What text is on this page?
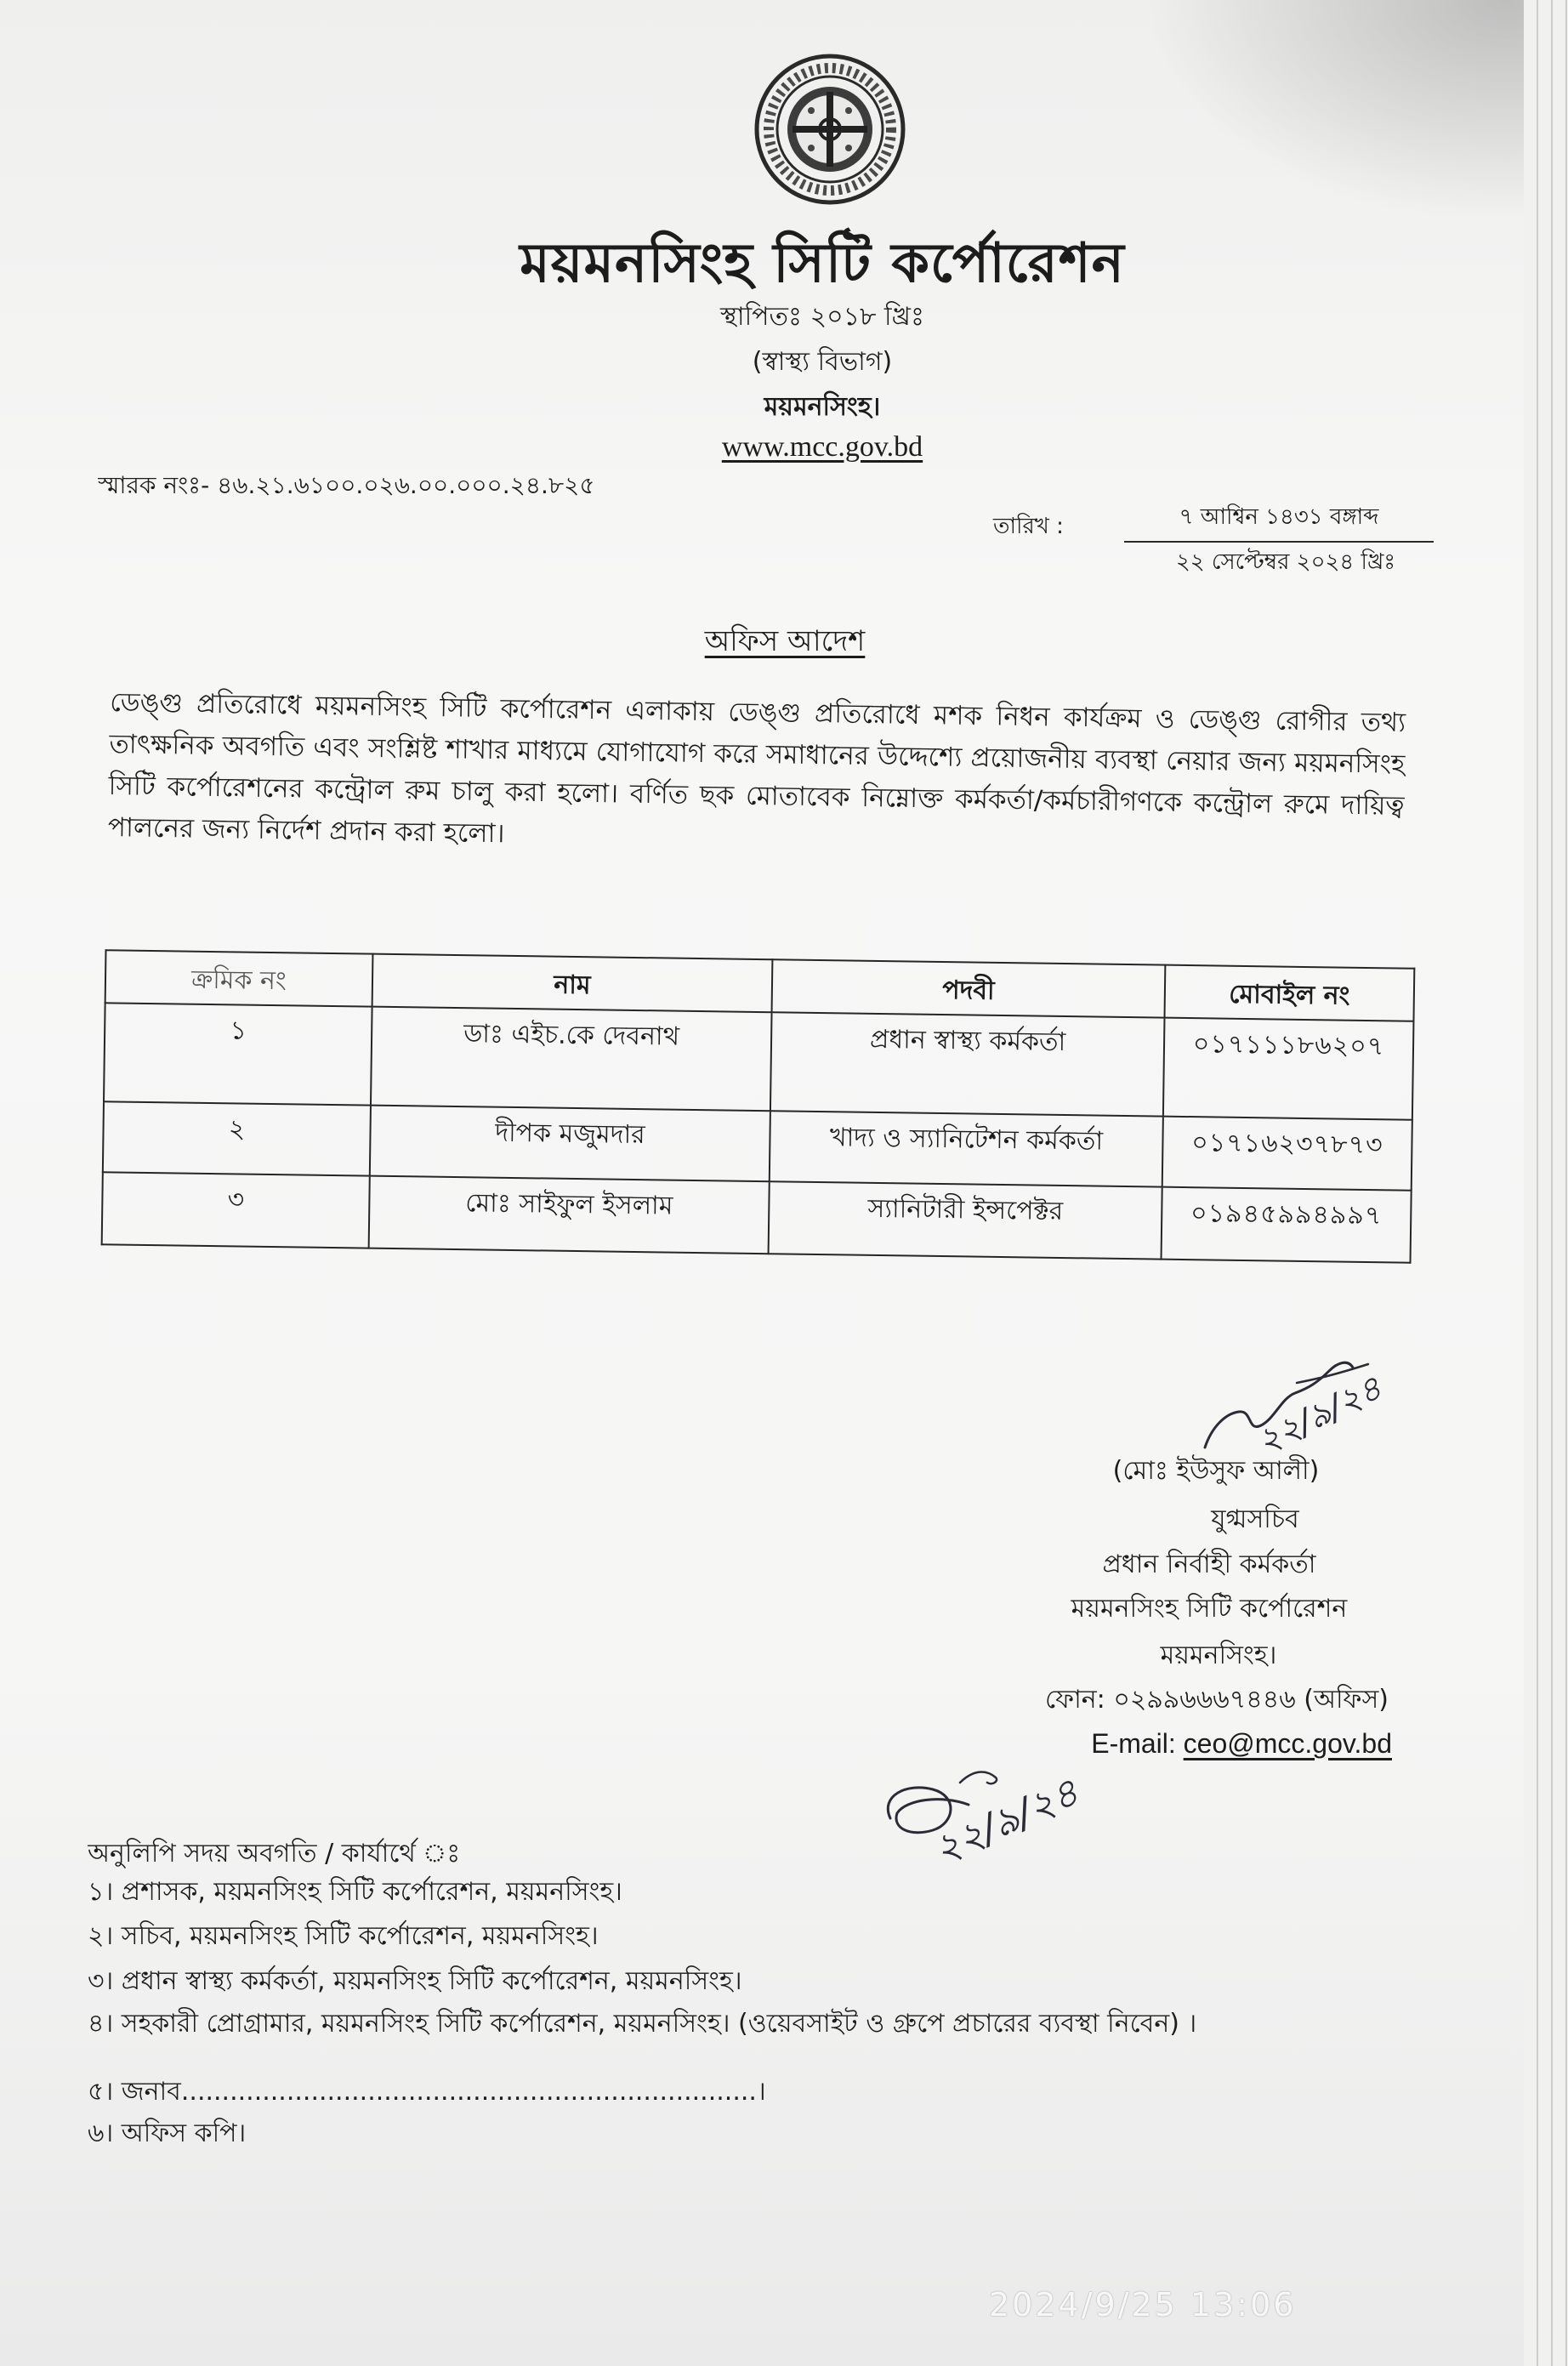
ময়মনসিংহ সিটি কর্পোরেশন
স্থাপিতঃ ২০১৮ খ্রিঃ
(স্বাস্থ্য বিভাগ)
ময়মনসিংহ।
www.mcc.gov.bd
স্মারক নংঃ- ৪৬.২১.৬১০০.০২৬.০০.০০০.২৪.৮২৫
তারিখ :	৭ আশ্বিন ১৪৩১ বঙ্গাব্দ
২২ সেপ্টেম্বর ২০২৪ খ্রিঃ
অফিস আদেশ
ডেঙ্গু প্রতিরোধে ময়মনসিংহ সিটি কর্পোরেশন এলাকায় ডেঙ্গু প্রতিরোধে মশক নিধন কার্যক্রম ও ডেঙ্গু রোগীর তথ্য তাৎক্ষনিক অবগতি এবং সংশ্লিষ্ট শাখার মাধ্যমে যোগাযোগ করে সমাধানের উদ্দেশ্যে প্রয়োজনীয় ব্যবস্থা নেয়ার জন্য ময়মনসিংহ সিটি কর্পোরেশনের কন্ট্রোল রুম চালু করা হলো। বর্ণিত ছক মোতাবেক নিম্নোক্ত কর্মকর্তা/কর্মচারীগণকে কন্ট্রোল রুমে দায়িত্ব পালনের জন্য নির্দেশ প্রদান করা হলো।
ক্রমিক নং	নাম	পদবী	মোবাইল নং
১	ডাঃ এইচ.কে দেবনাথ	প্রধান স্বাস্থ্য কর্মকর্তা	০১৭১১১৮৬২০৭
২	দীপক মজুমদার	খাদ্য ও স্যানিটেশন কর্মকর্তা	০১৭১৬২৩৭৮৭৩
৩	মোঃ সাইফুল ইসলাম	স্যানিটারী ইন্সপেক্টর	০১৯৪৫৯৯৪৯৯৭
২২/৯/২৪
(মোঃ ইউসুফ আলী)
যুগ্মসচিব
প্রধান নির্বাহী কর্মকর্তা
ময়মনসিংহ সিটি কর্পোরেশন
ময়মনসিংহ।
ফোন: ০২৯৯৬৬৬৭৪৪৬ (অফিস)
E-mail: ceo@mcc.gov.bd
২২/৯/২৪
অনুলিপি সদয় অবগতি / কার্যার্থে ঃ
১। প্রশাসক, ময়মনসিংহ সিটি কর্পোরেশন, ময়মনসিংহ।
২। সচিব, ময়মনসিংহ সিটি কর্পোরেশন, ময়মনসিংহ।
৩। প্রধান স্বাস্থ্য কর্মকর্তা, ময়মনসিংহ সিটি কর্পোরেশন, ময়মনসিংহ।
৪। সহকারী প্রোগ্রামার, ময়মনসিংহ সিটি কর্পোরেশন, ময়মনসিংহ। (ওয়েবসাইট ও গ্রুপে প্রচারের ব্যবস্থা নিবেন) ।
৫। জনাব.......................................................................।
৬। অফিস কপি।
2024/9/25 13:06
